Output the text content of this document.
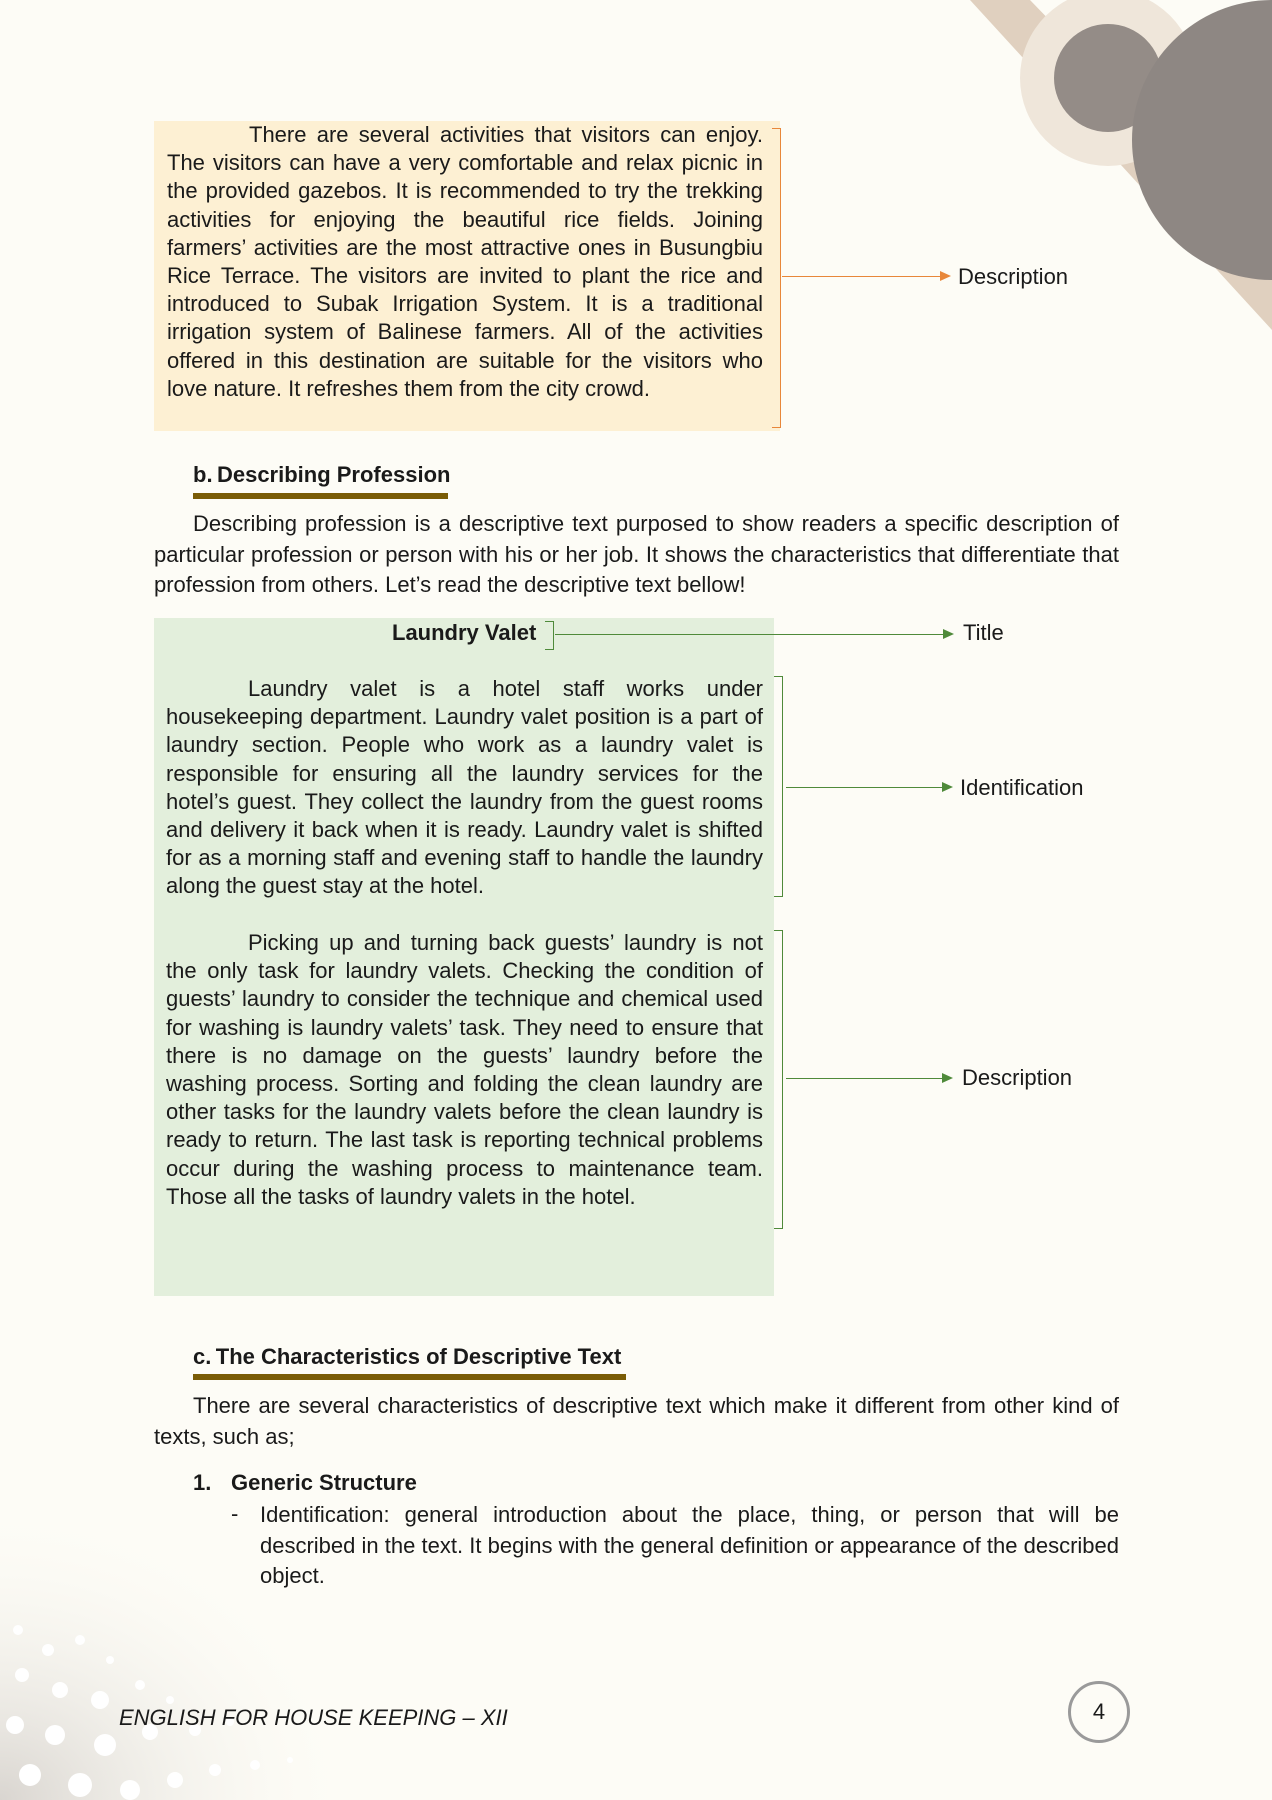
There are several activities that visitors can enjoy. The visitors can have a very comfortable and relax picnic in the provided gazebos. It is recommended to try the trekking activities for enjoying the beautiful rice fields. Joining farmers’ activities are the most attractive ones in Busungbiu Rice Terrace. The visitors are invited to plant the rice and introduced to Subak Irrigation System. It is a traditional irrigation system of Balinese farmers. All of the activities offered in this destination are suitable for the visitors who love nature. It refreshes them from the city crowd.
Description
b. Describing Profession
Describing profession is a descriptive text purposed to show readers a specific description of particular profession or person with his or her job. It shows the characteristics that differentiate that profession from others. Let’s read the descriptive text bellow!
Laundry Valet	Title
Laundry valet is a hotel staff works under housekeeping department. Laundry valet position is a part of laundry section. People who work as a laundry valet is responsible for ensuring all the laundry services for the hotel’s guest. They collect the laundry from the guest rooms and delivery it back when it is ready. Laundry valet is shifted for as a morning staff and evening staff to handle the laundry along the guest stay at the hotel.
Identification
Picking up and turning back guests’ laundry is not the only task for laundry valets. Checking the condition of guests’ laundry to consider the technique and chemical used for washing is laundry valets’ task. They need to ensure that there is no damage on the guests’ laundry before the washing process. Sorting and folding the clean laundry are other tasks for the laundry valets before the clean laundry is ready to return. The last task is reporting technical problems occur during the washing process to maintenance team. Those all the tasks of laundry valets in the hotel.
Description
c. The Characteristics of Descriptive Text
There are several characteristics of descriptive text which make it different from other kind of texts, such as;
1. Generic Structure
- Identification: general introduction about the place, thing, or person that will be described in the text. It begins with the general definition or appearance of the described object.
ENGLISH FOR HOUSE KEEPING – XII	4
